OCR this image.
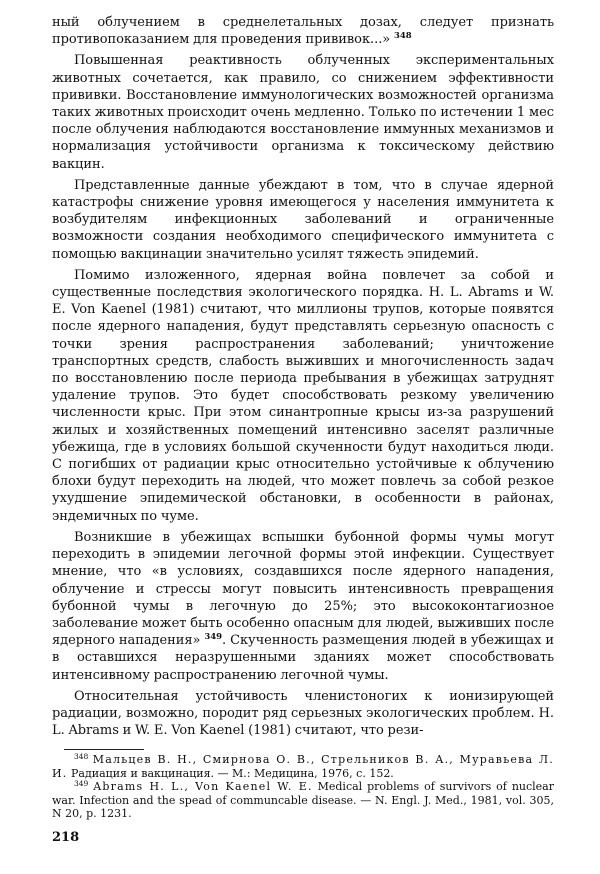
ный облучением в среднелетальных дозах, следует признать противопоказанием для проведения прививок...» $^{348}$

Повышенная реактивность облученных экспериментальных животных сочетается, как правило, со снижением эффективности прививки. Восстановление иммунологических возможностей организма таких животных происходит очень медленно. Только по истечении 1 мес после облучения наблюдаются восстановление иммунных механизмов и нормализация устойчивости организма к токсическому действию вакцин.

Представленные данные убеждают в том, что в случае ядерной катастрофы снижение уровня имеющегося у населения иммунитета к возбудителям инфекционных заболеваний и ограниченные возможности создания необходимого специфического иммунитета с помощью вакцинации значительно усилят тяжесть эпидемий.

Помимо изложенного, ядерная война повлечет за собой и существенные последствия экологического порядка. H. L. Abrams и W. E. Von Kaenel (1981) считают, что миллионы трупов, которые появятся после ядерного нападения, будут представлять серьезную опасность с точки зрения распространения заболеваний; уничтожение транспортных средств, слабость выживших и многочисленность задач по восстановлению после периода пребывания в убежищах затруднят удаление трупов. Это будет способствовать резкому увеличению численности крыс. При этом синантропные крысы из-за разрушений жилых и хозяйственных помещений интенсивно заселят различные убежища, где в условиях большой скученности будут находиться люди. С погибших от радиации крыс относительно устойчивые к облучению блохи будут переходить на людей, что может повлечь за собой резкое ухудшение эпидемической обстановки, в особенности в районах, эндемичных по чуме.

Возникшие в убежищах вспышки бубонной формы чумы могут переходить в эпидемии легочной формы этой инфекции. Существует мнение, что «в условиях, создавшихся после ядерного нападения, облучение и стрессы могут повысить интенсивность превращения бубонной чумы в легочную до 25%; это высококонтагиозное заболевание может быть особенно опасным для людей, выживших после ядерного нападения» $^{349}$. Скученность размещения людей в убежищах и в оставшихся неразрушенными зданиях может способствовать интенсивному распространению легочной чумы.

Относительная устойчивость членистоногих к ионизирующей радиации, возможно, породит ряд серьезных экологических проблем. H. L. Abrams и W. E. Von Kaenel (1981) считают, что рези-

$^{348}$ Мальцев В. Н., Смирнова О. В., Стрельников В. А., Муравьева Л. И. Радиация и вакцинация. — М.: Медицина, 1976, с. 152.

$^{349}$ Abrams H. L., Von Kaenel W. E. Medical problems of survivors of nuclear war. Infection and the spead of communcable disease. — N. Engl. J. Med., 1981, vol. 305, N 20, p. 1231.

218
